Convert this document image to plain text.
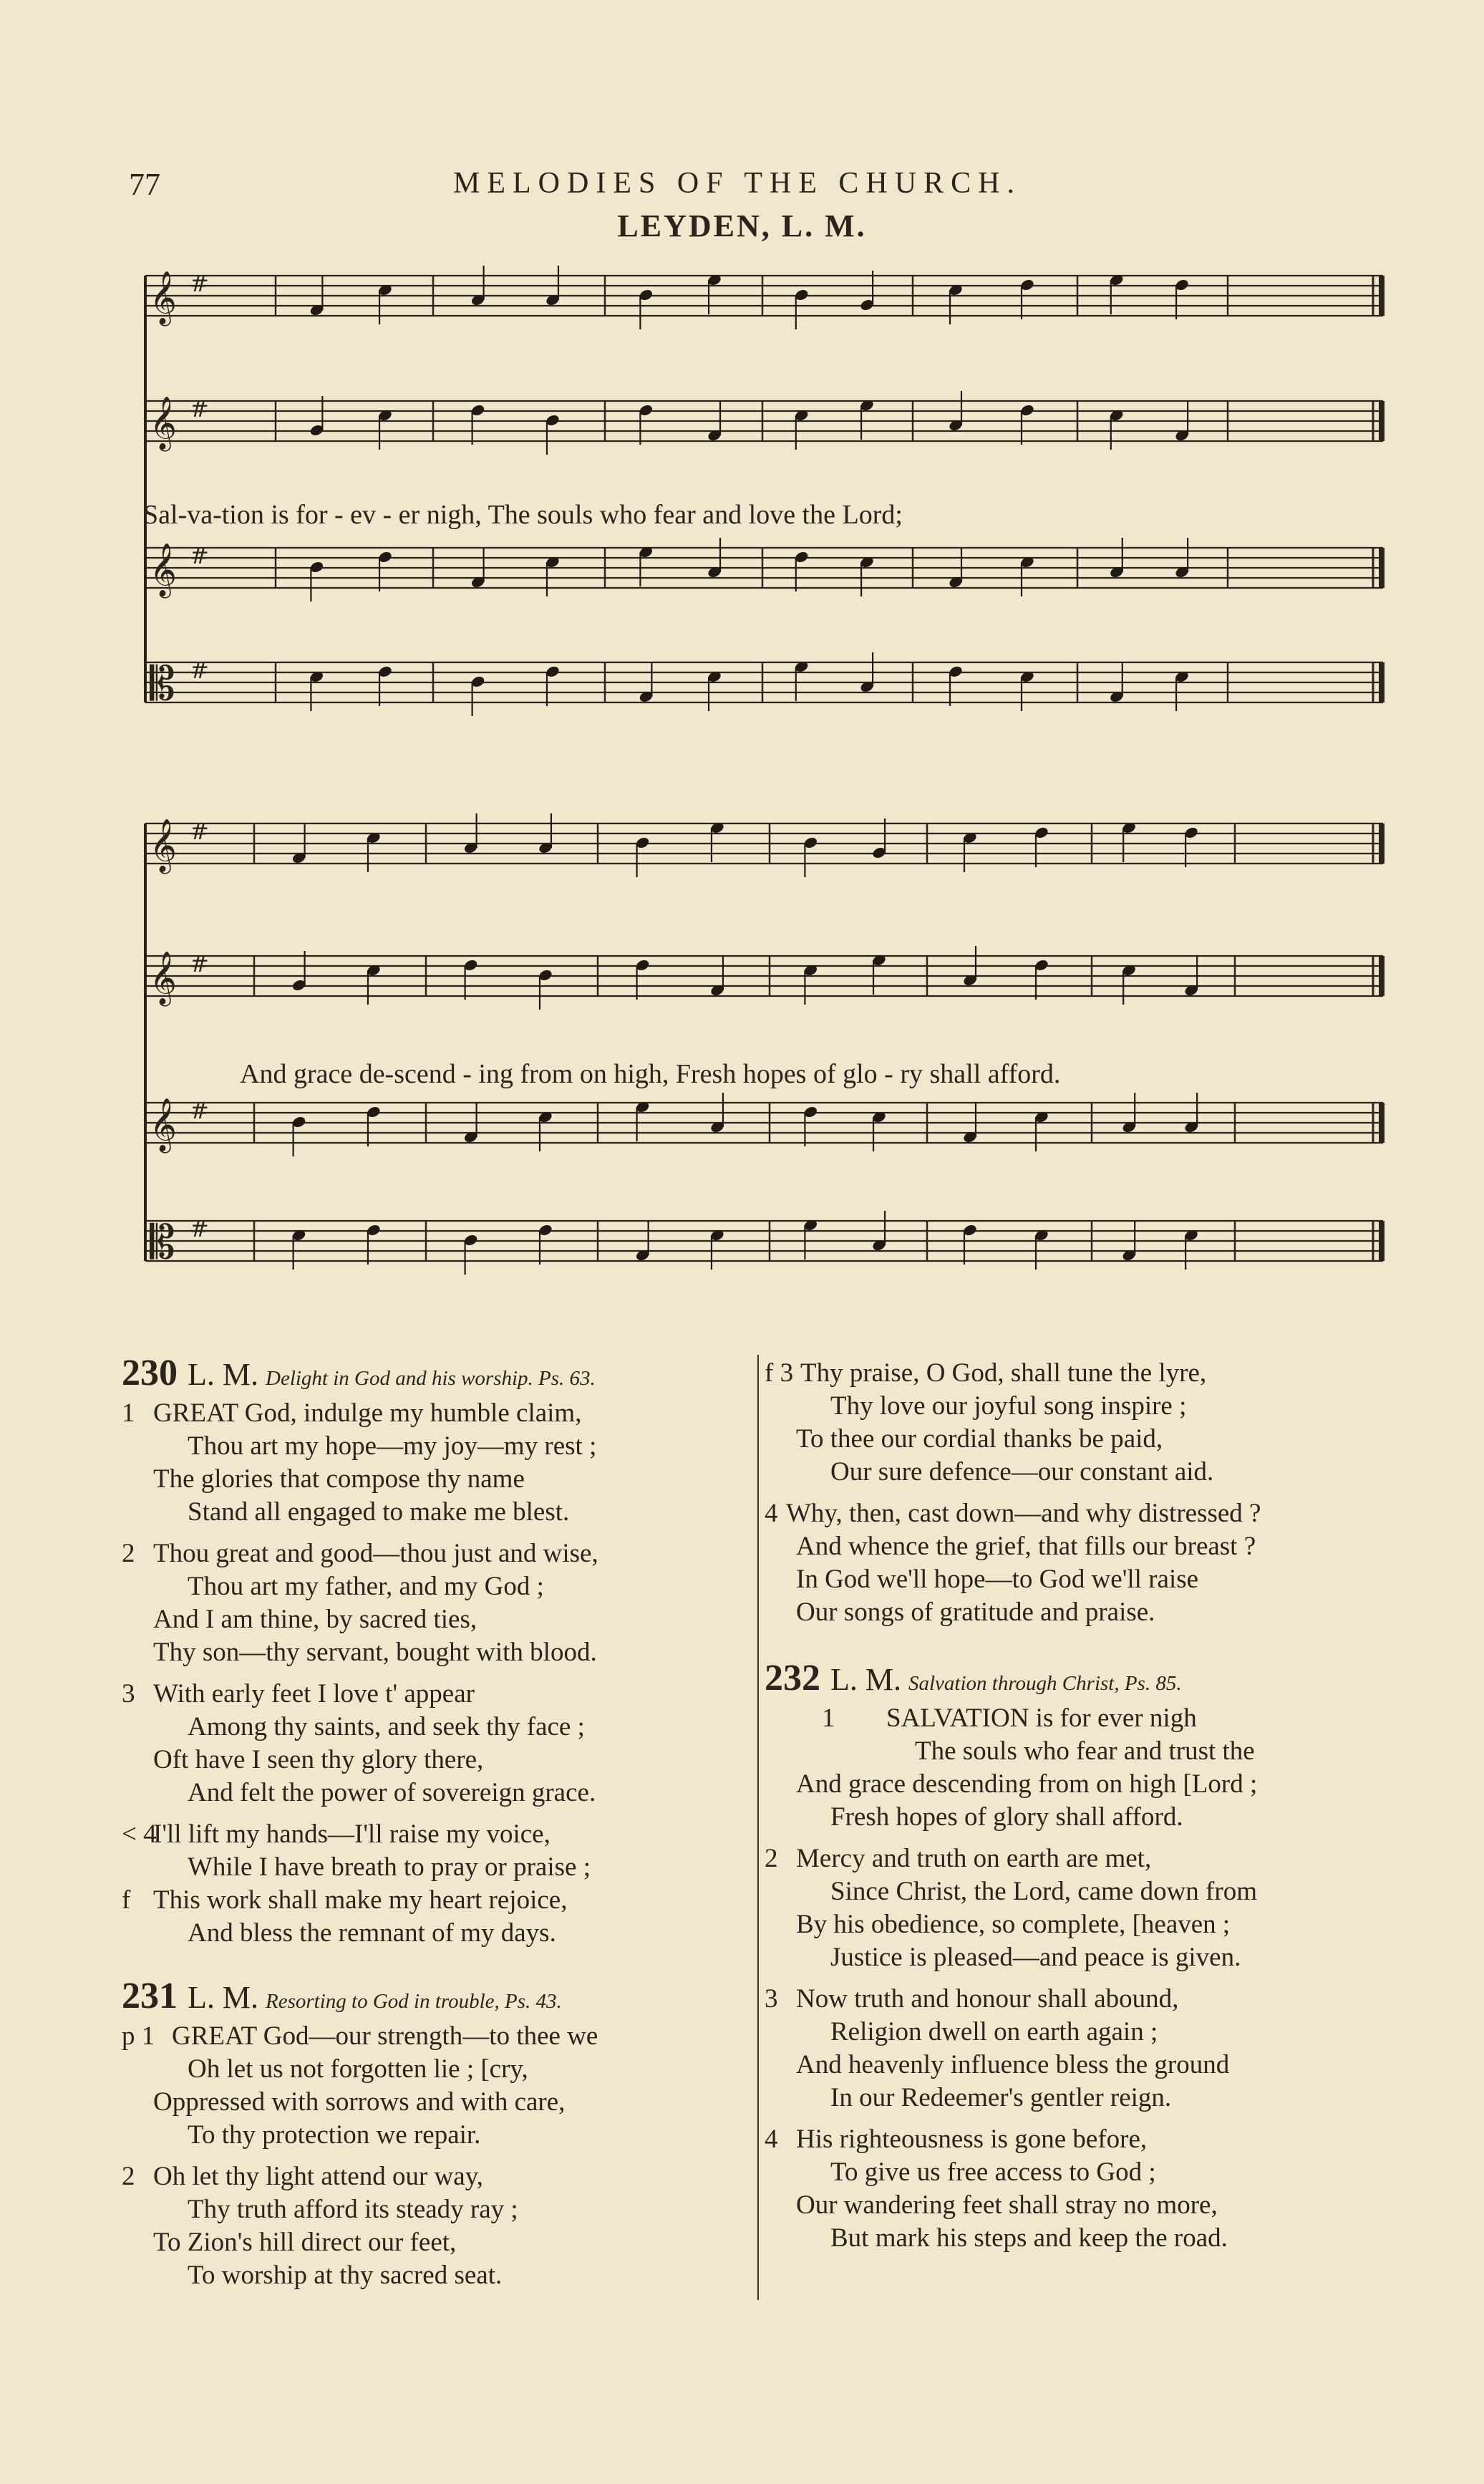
77	MELODIES OF THE CHURCH.
LEYDEN, L. M.
𝄞 #
𝄞 #
𝄞 #
𝄡 #
Sal-va-tion is for - ev - er nigh, The souls who fear and love the Lord;
𝄞 #
𝄞 #
𝄞 #
𝄡 #
And grace de-scend - ing from on high, Fresh hopes of glo - ry shall afford.
230 L. M. Delight in God and his worship. Ps. 63.
1 GREAT God, indulge my humble claim,
Thou art my hope—my joy—my rest ;
The glories that compose thy name
Stand all engaged to make me blest.
2 Thou great and good—thou just and wise,
Thou art my father, and my God ;
And I am thine, by sacred ties,
Thy son—thy servant, bought with blood.
3 With early feet I love t' appear
Among thy saints, and seek thy face ;
Oft have I seen thy glory there,
And felt the power of sovereign grace.
< 4I'll lift my hands—I'll raise my voice,
While I have breath to pray or praise ;
f This work shall make my heart rejoice,
And bless the remnant of my days.
231 L. M. Resorting to God in trouble, Ps. 43.
p 1 GREAT God—our strength—to thee we
Oh let us not forgotten lie ; [cry,
Oppressed with sorrows and with care,
To thy protection we repair.
2 Oh let thy light attend our way,
Thy truth afford its steady ray ;
To Zion's hill direct our feet,
To worship at thy sacred seat.
f 3 Thy praise, O God, shall tune the lyre,
Thy love our joyful song inspire ;
To thee our cordial thanks be paid,
Our sure defence—our constant aid.
4 Why, then, cast down—and why distressed ?
And whence the grief, that fills our breast ?
In God we'll hope—to God we'll raise
Our songs of gratitude and praise.
232 L. M. Salvation through Christ, Ps. 85.
1 SALVATION is for ever nigh
The souls who fear and trust the
And grace descending from on high [Lord ;
Fresh hopes of glory shall afford.
2 Mercy and truth on earth are met,
Since Christ, the Lord, came down from
By his obedience, so complete, [heaven ;
Justice is pleased—and peace is given.
3 Now truth and honour shall abound,
Religion dwell on earth again ;
And heavenly influence bless the ground
In our Redeemer's gentler reign.
4 His righteousness is gone before,
To give us free access to God ;
Our wandering feet shall stray no more,
But mark his steps and keep the road.
